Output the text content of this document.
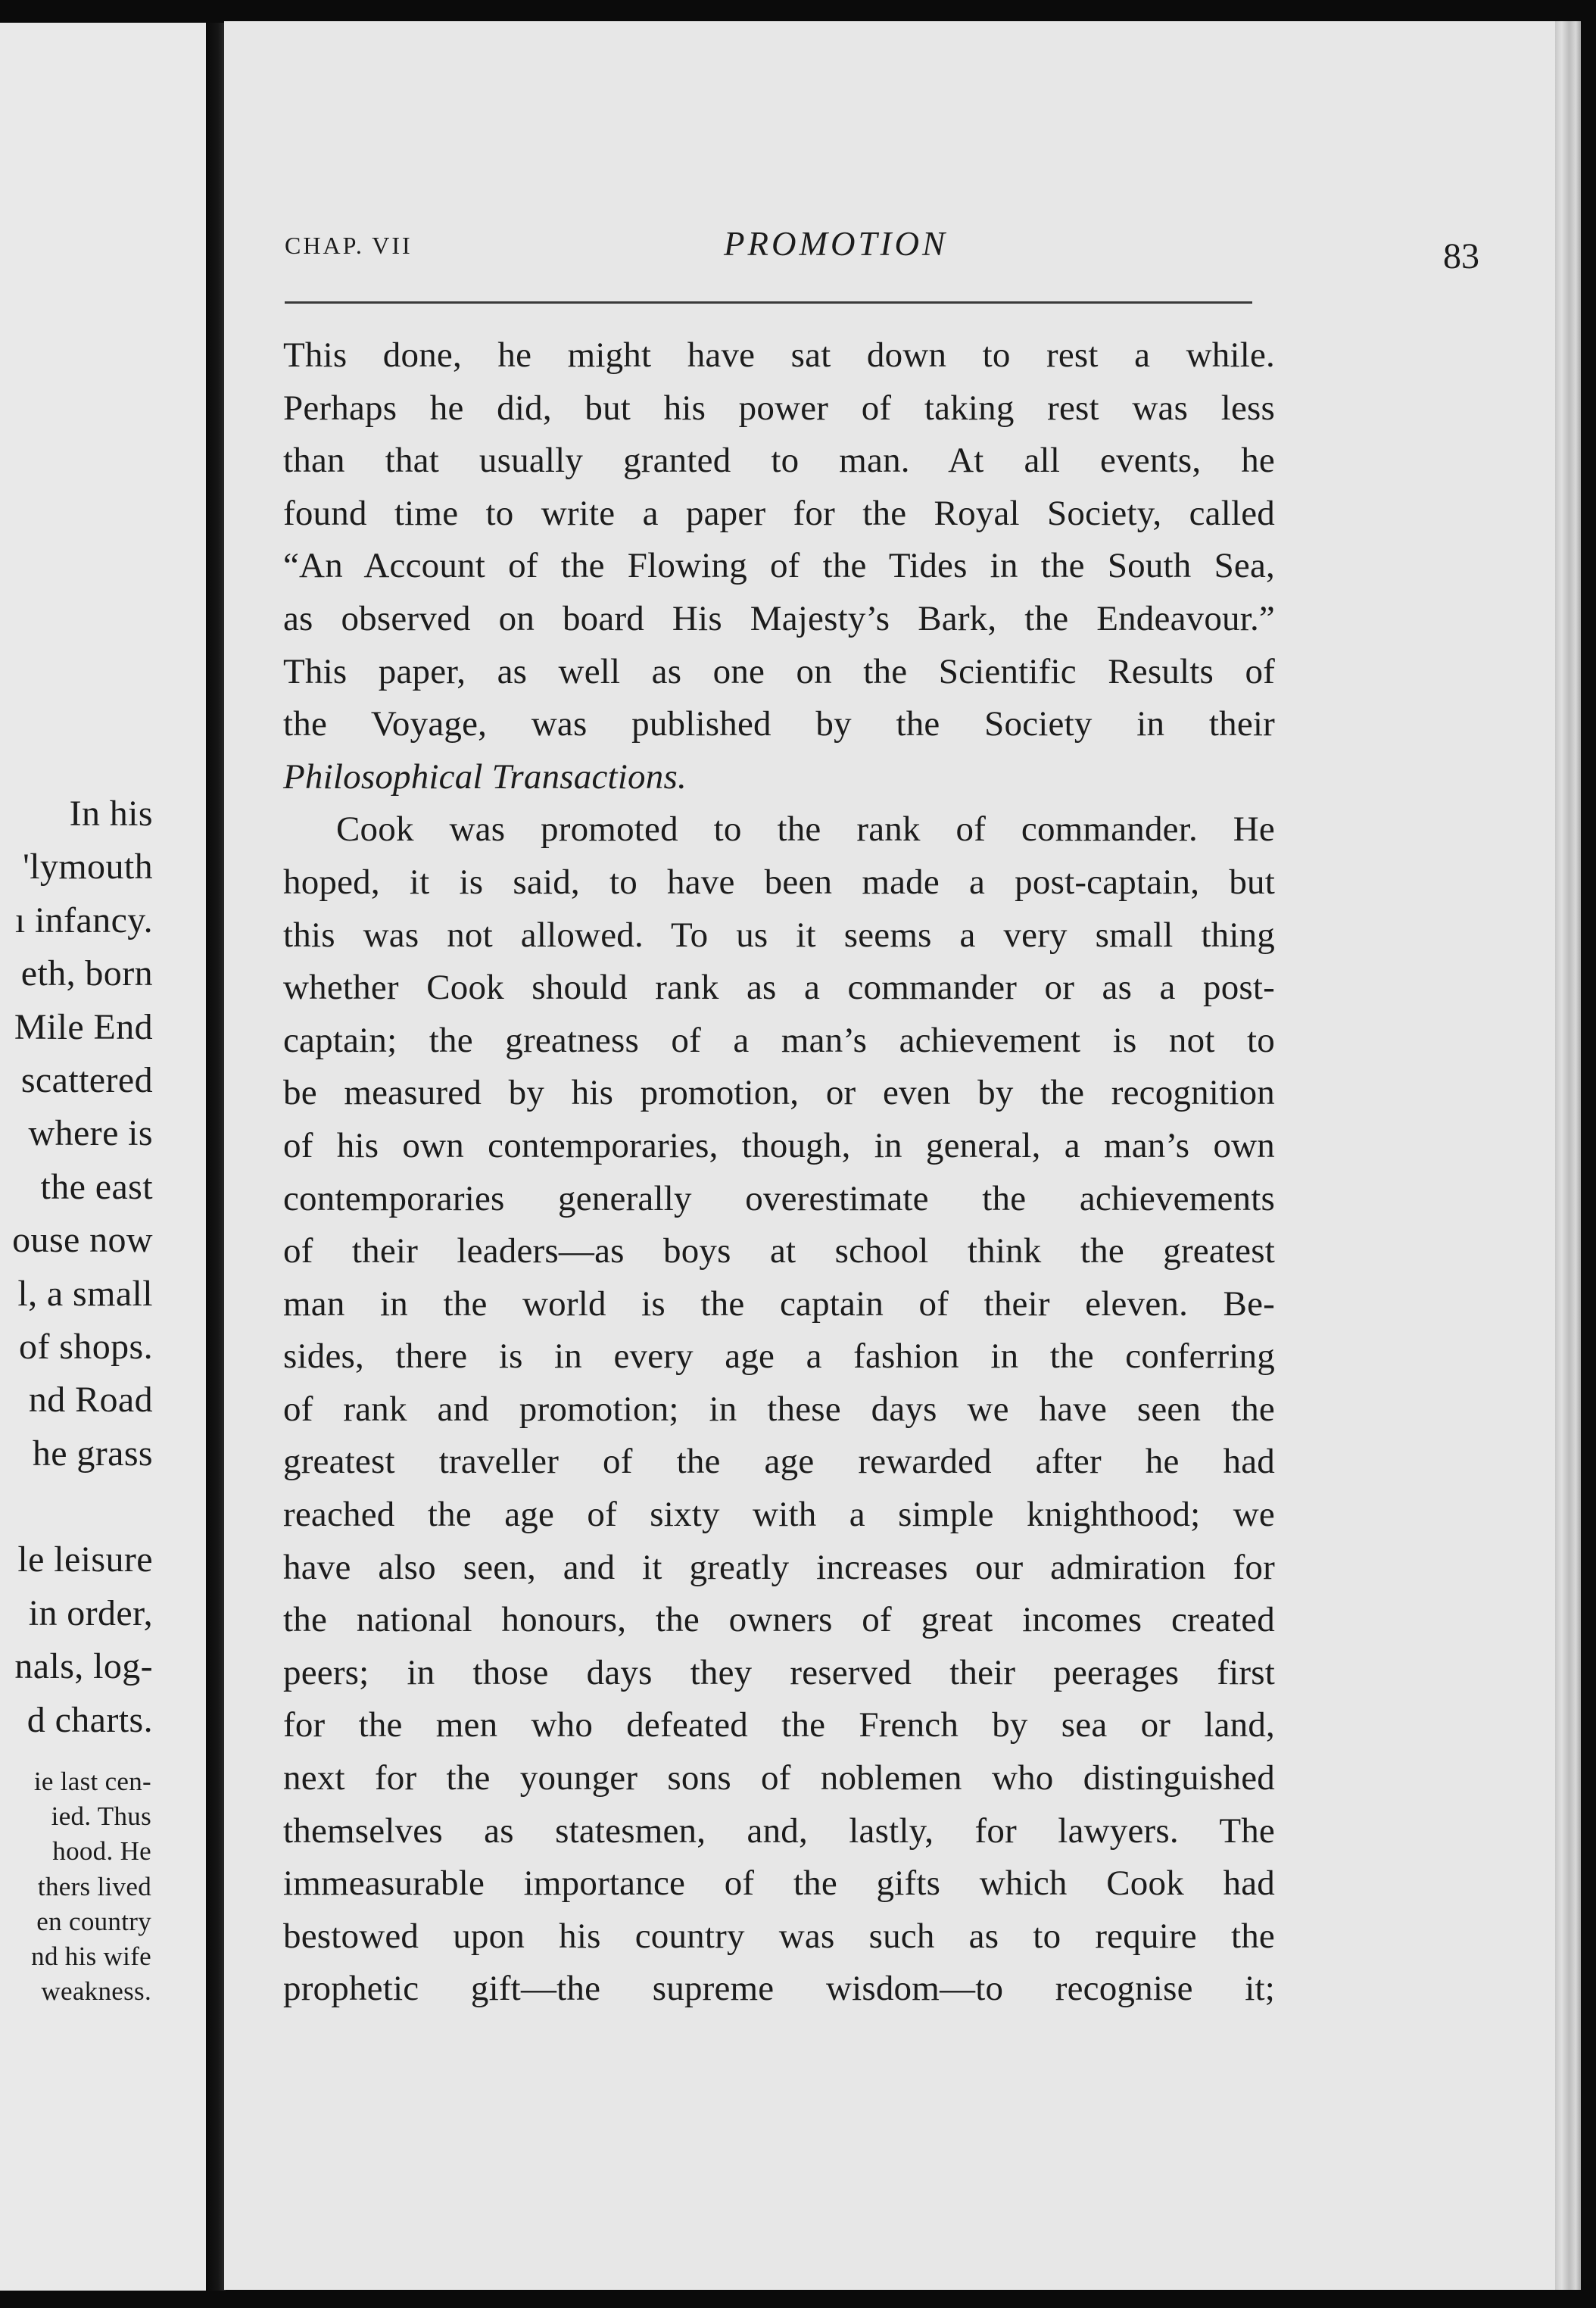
In his
'lymouth
ı infancy.
eth, born
Mile End
scattered
where is
the east
ouse now
l, a small
of shops.
nd Road
he grass
le leisure
in order,
nals, log-
d charts.
ie last cen-
ied. Thus
hood. He
thers lived
en country
nd his wife
weakness.
CHAP. VII	PROMOTION	83
This done, he might have sat down to rest a while.
Perhaps he did, but his power of taking rest was less
than that usually granted to man. At all events, he
found time to write a paper for the Royal Society, called
“An Account of the Flowing of the Tides in the South Sea,
as observed on board His Majesty’s Bark, the Endeavour.”
This paper, as well as one on the Scientific Results of
the Voyage, was published by the Society in their
Philosophical Transactions.
Cook was promoted to the rank of commander. He
hoped, it is said, to have been made a post-captain, but
this was not allowed. To us it seems a very small thing
whether Cook should rank as a commander or as a post-
captain; the greatness of a man’s achievement is not to
be measured by his promotion, or even by the recognition
of his own contemporaries, though, in general, a man’s own
contemporaries generally overestimate the achievements
of their leaders—as boys at school think the greatest
man in the world is the captain of their eleven. Be-
sides, there is in every age a fashion in the conferring
of rank and promotion; in these days we have seen the
greatest traveller of the age rewarded after he had
reached the age of sixty with a simple knighthood; we
have also seen, and it greatly increases our admiration for
the national honours, the owners of great incomes created
peers; in those days they reserved their peerages first
for the men who defeated the French by sea or land,
next for the younger sons of noblemen who distinguished
themselves as statesmen, and, lastly, for lawyers. The
immeasurable importance of the gifts which Cook had
bestowed upon his country was such as to require the
prophetic gift—the supreme wisdom—to recognise it;
